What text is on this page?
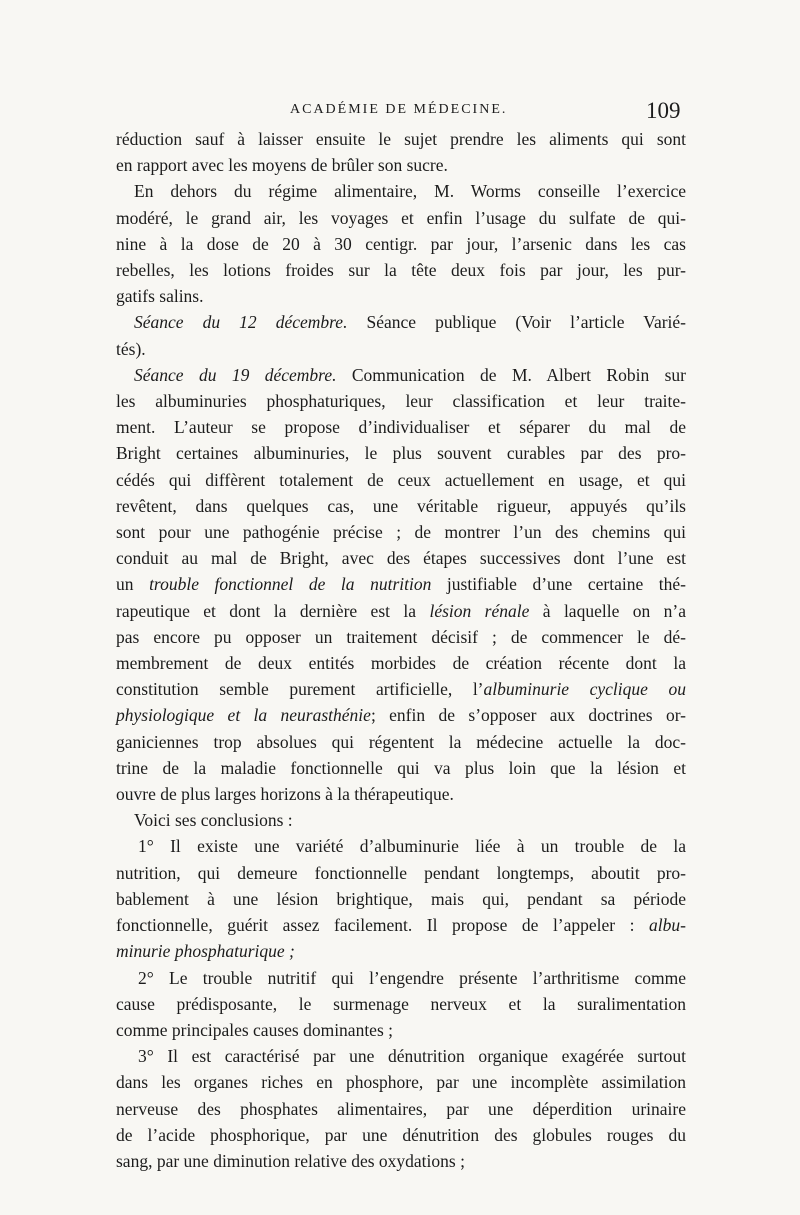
ACADÉMIE DE MÉDECINE.	109
réduction sauf à laisser ensuite le sujet prendre les aliments qui sont
en rapport avec les moyens de brûler son sucre.
En dehors du régime alimentaire, M. Worms conseille l’exercice
modéré, le grand air, les voyages et enfin l’usage du sulfate de qui-
nine à la dose de 20 à 30 centigr. par jour, l’arsenic dans les cas
rebelles, les lotions froides sur la tête deux fois par jour, les pur-
gatifs salins.
Séance du 12 décembre. Séance publique (Voir l’article Varié-
tés).
Séance du 19 décembre. Communication de M. Albert Robin sur
les albuminuries phosphaturiques, leur classification et leur traite-
ment. L’auteur se propose d’individualiser et séparer du mal de
Bright certaines albuminuries, le plus souvent curables par des pro-
cédés qui diffèrent totalement de ceux actuellement en usage, et qui
revêtent, dans quelques cas, une véritable rigueur, appuyés qu’ils
sont pour une pathogénie précise ; de montrer l’un des chemins qui
conduit au mal de Bright, avec des étapes successives dont l’une est
un trouble fonctionnel de la nutrition justifiable d’une certaine thé-
rapeutique et dont la dernière est la lésion rénale à laquelle on n’a
pas encore pu opposer un traitement décisif ; de commencer le dé-
membrement de deux entités morbides de création récente dont la
constitution semble purement artificielle, l’albuminurie cyclique ou
physiologique et la neurasthénie; enfin de s’opposer aux doctrines or-
ganiciennes trop absolues qui régentent la médecine actuelle la doc-
trine de la maladie fonctionnelle qui va plus loin que la lésion et
ouvre de plus larges horizons à la thérapeutique.
Voici ses conclusions :
1° Il existe une variété d’albuminurie liée à un trouble de la
nutrition, qui demeure fonctionnelle pendant longtemps, aboutit pro-
bablement à une lésion brightique, mais qui, pendant sa période
fonctionnelle, guérit assez facilement. Il propose de l’appeler : albu-
minurie phosphaturique ;
2° Le trouble nutritif qui l’engendre présente l’arthritisme comme
cause prédisposante, le surmenage nerveux et la suralimentation
comme principales causes dominantes ;
3° Il est caractérisé par une dénutrition organique exagérée surtout
dans les organes riches en phosphore, par une incomplète assimilation
nerveuse des phosphates alimentaires, par une déperdition urinaire
de l’acide phosphorique, par une dénutrition des globules rouges du
sang, par une diminution relative des oxydations ;
